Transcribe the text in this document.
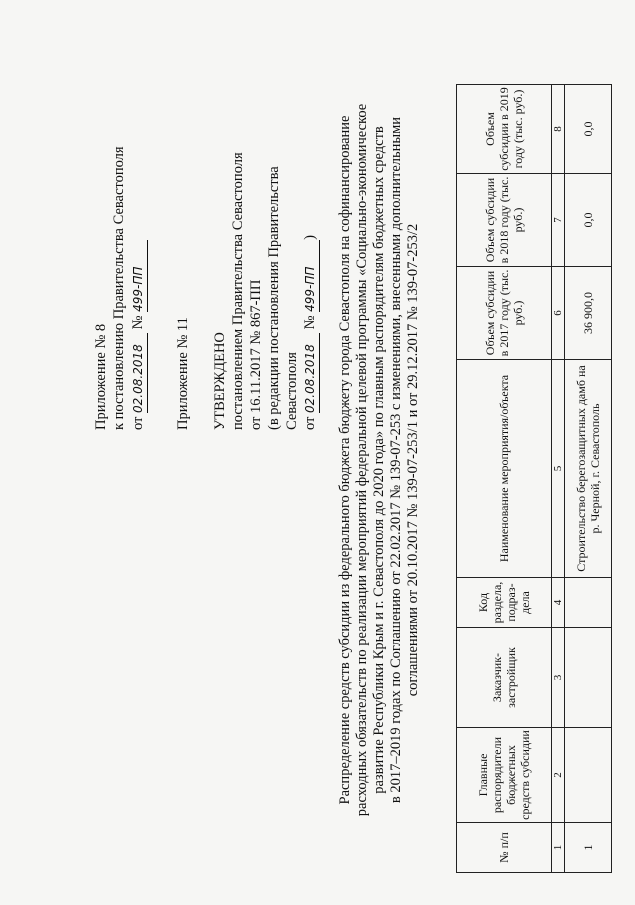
Приложение № 8 к постановлению Правительства Севастополя от 02.08.2018 № 499-ПП
Приложение № 11 УТВЕРЖДЕНО постановлением Правительства Севастополя от 16.11.2017 № 867-ПП (в редакции постановления Правительства Севастополя от 02.08.2018 № 499-ПП) Распределение средств субсидии из федерального бюджета бюджету города Севастополя на софинансирование расходных обязательств по реализации мероприятий федеральной целевой программы «Социально-экономическое развитие Республики Крым и г. Севастополя до 2020 года» по главным распорядителям бюджетных средств в 2017–2019 годах по Соглашению от 22.02.2017 № 139-07-253 с изменениями, внесенными дополнительными соглашениями от 20.10.2017 № 139-07-253/1 и от 29.12.2017 № 139-07-253/2
№ п/п	Главные распорядители бюджетных средств субсидии	Заказчик-застройщик	Код раздела, подраз-дела	Наименование мероприятия/объекта	Объем субсидии в 2017 году (тыс. руб.)	Объем субсидии в 2018 году (тыс. руб.)	Объем субсидии в 2019 году (тыс. руб.)
1	2	3	4	5	6	7	8
1				Строительство берегозащитных дамб на р. Черной, г. Севастополь	36 900,0	0,0	0,0
